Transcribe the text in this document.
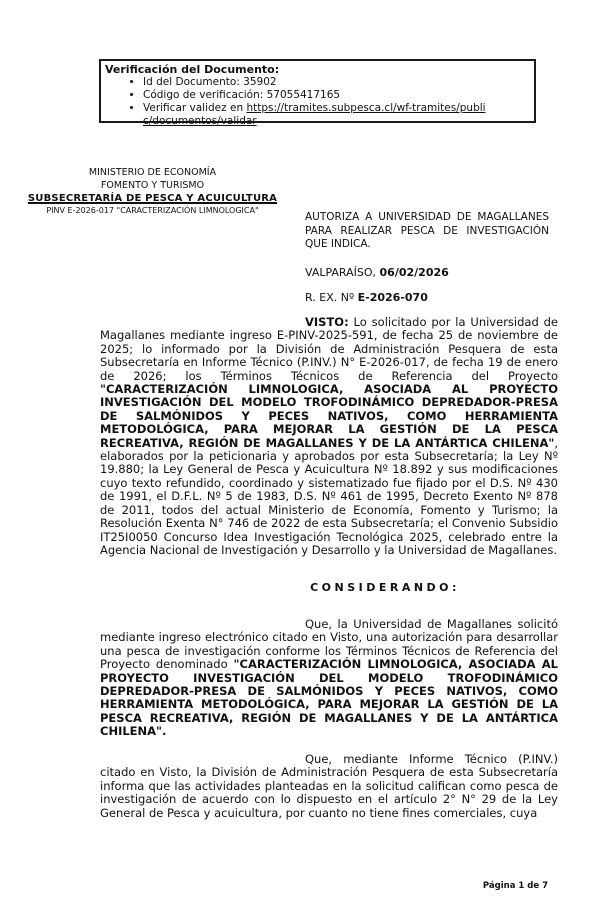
Verificación del Documento:
• Id del Documento: 35902
• Código de verificación: 57055417165
• Verificar validez en https://tramites.subpesca.cl/wf-tramites/public/documentos/validar
MINISTERIO DE ECONOMÍA
FOMENTO Y TURISMO
SUBSECRETARÍA DE PESCA Y ACUICULTURA
PINV E-2026-017 "CARACTERIZACIÓN LIMNOLOGICA"
AUTORIZA A UNIVERSIDAD DE MAGALLANES PARA REALIZAR PESCA DE INVESTIGACIÓN QUE INDICA.
VALPARAÍSO, 06/02/2026
R. EX. Nº E-2026-070

VISTO: Lo solicitado por la Universidad de Magallanes mediante ingreso E-PINV-2025-591, de fecha 25 de noviembre de 2025; lo informado por la División de Administración Pesquera de esta Subsecretaría en Informe Técnico (P.INV.) N° E-2026-017, de fecha 19 de enero de 2026; los Términos Técnicos de Referencia del Proyecto "CARACTERIZACIÓN LIMNOLOGICA, ASOCIADA AL PROYECTO INVESTIGACIÓN DEL MODELO TROFODINÁMICO DEPREDADOR-PRESA DE SALMÓNIDOS Y PECES NATIVOS, COMO HERRAMIENTA METODOLÓGICA, PARA MEJORAR LA GESTIÓN DE LA PESCA RECREATIVA, REGIÓN DE MAGALLANES Y DE LA ANTÁRTICA CHILENA", elaborados por la peticionaria y aprobados por esta Subsecretaría; la Ley Nº 19.880; la Ley General de Pesca y Acuicultura Nº 18.892 y sus modificaciones cuyo texto refundido, coordinado y sistematizado fue fijado por el D.S. Nº 430 de 1991, el D.F.L. Nº 5 de 1983, D.S. Nº 461 de 1995, Decreto Exento Nº 878 de 2011, todos del actual Ministerio de Economía, Fomento y Turismo; la Resolución Exenta N° 746 de 2022 de esta Subsecretaría; el Convenio Subsidio IT25I0050 Concurso Idea Investigación Tecnológica 2025, celebrado entre la Agencia Nacional de Investigación y Desarrollo y la Universidad de Magallanes.

CONSIDERANDO:

Que, la Universidad de Magallanes solicitó mediante ingreso electrónico citado en Visto, una autorización para desarrollar una pesca de investigación conforme los Términos Técnicos de Referencia del Proyecto denominado "CARACTERIZACIÓN LIMNOLOGICA, ASOCIADA AL PROYECTO INVESTIGACIÓN DEL MODELO TROFODINÁMICO DEPREDADOR-PRESA DE SALMÓNIDOS Y PECES NATIVOS, COMO HERRAMIENTA METODOLÓGICA, PARA MEJORAR LA GESTIÓN DE LA PESCA RECREATIVA, REGIÓN DE MAGALLANES Y DE LA ANTÁRTICA CHILENA".

Que, mediante Informe Técnico (P.INV.) citado en Visto, la División de Administración Pesquera de esta Subsecretaría informa que las actividades planteadas en la solicitud califican como pesca de investigación de acuerdo con lo dispuesto en el artículo 2° N° 29 de la Ley General de Pesca y acuicultura, por cuanto no tiene fines comerciales, cuya

Página 1 de 7
